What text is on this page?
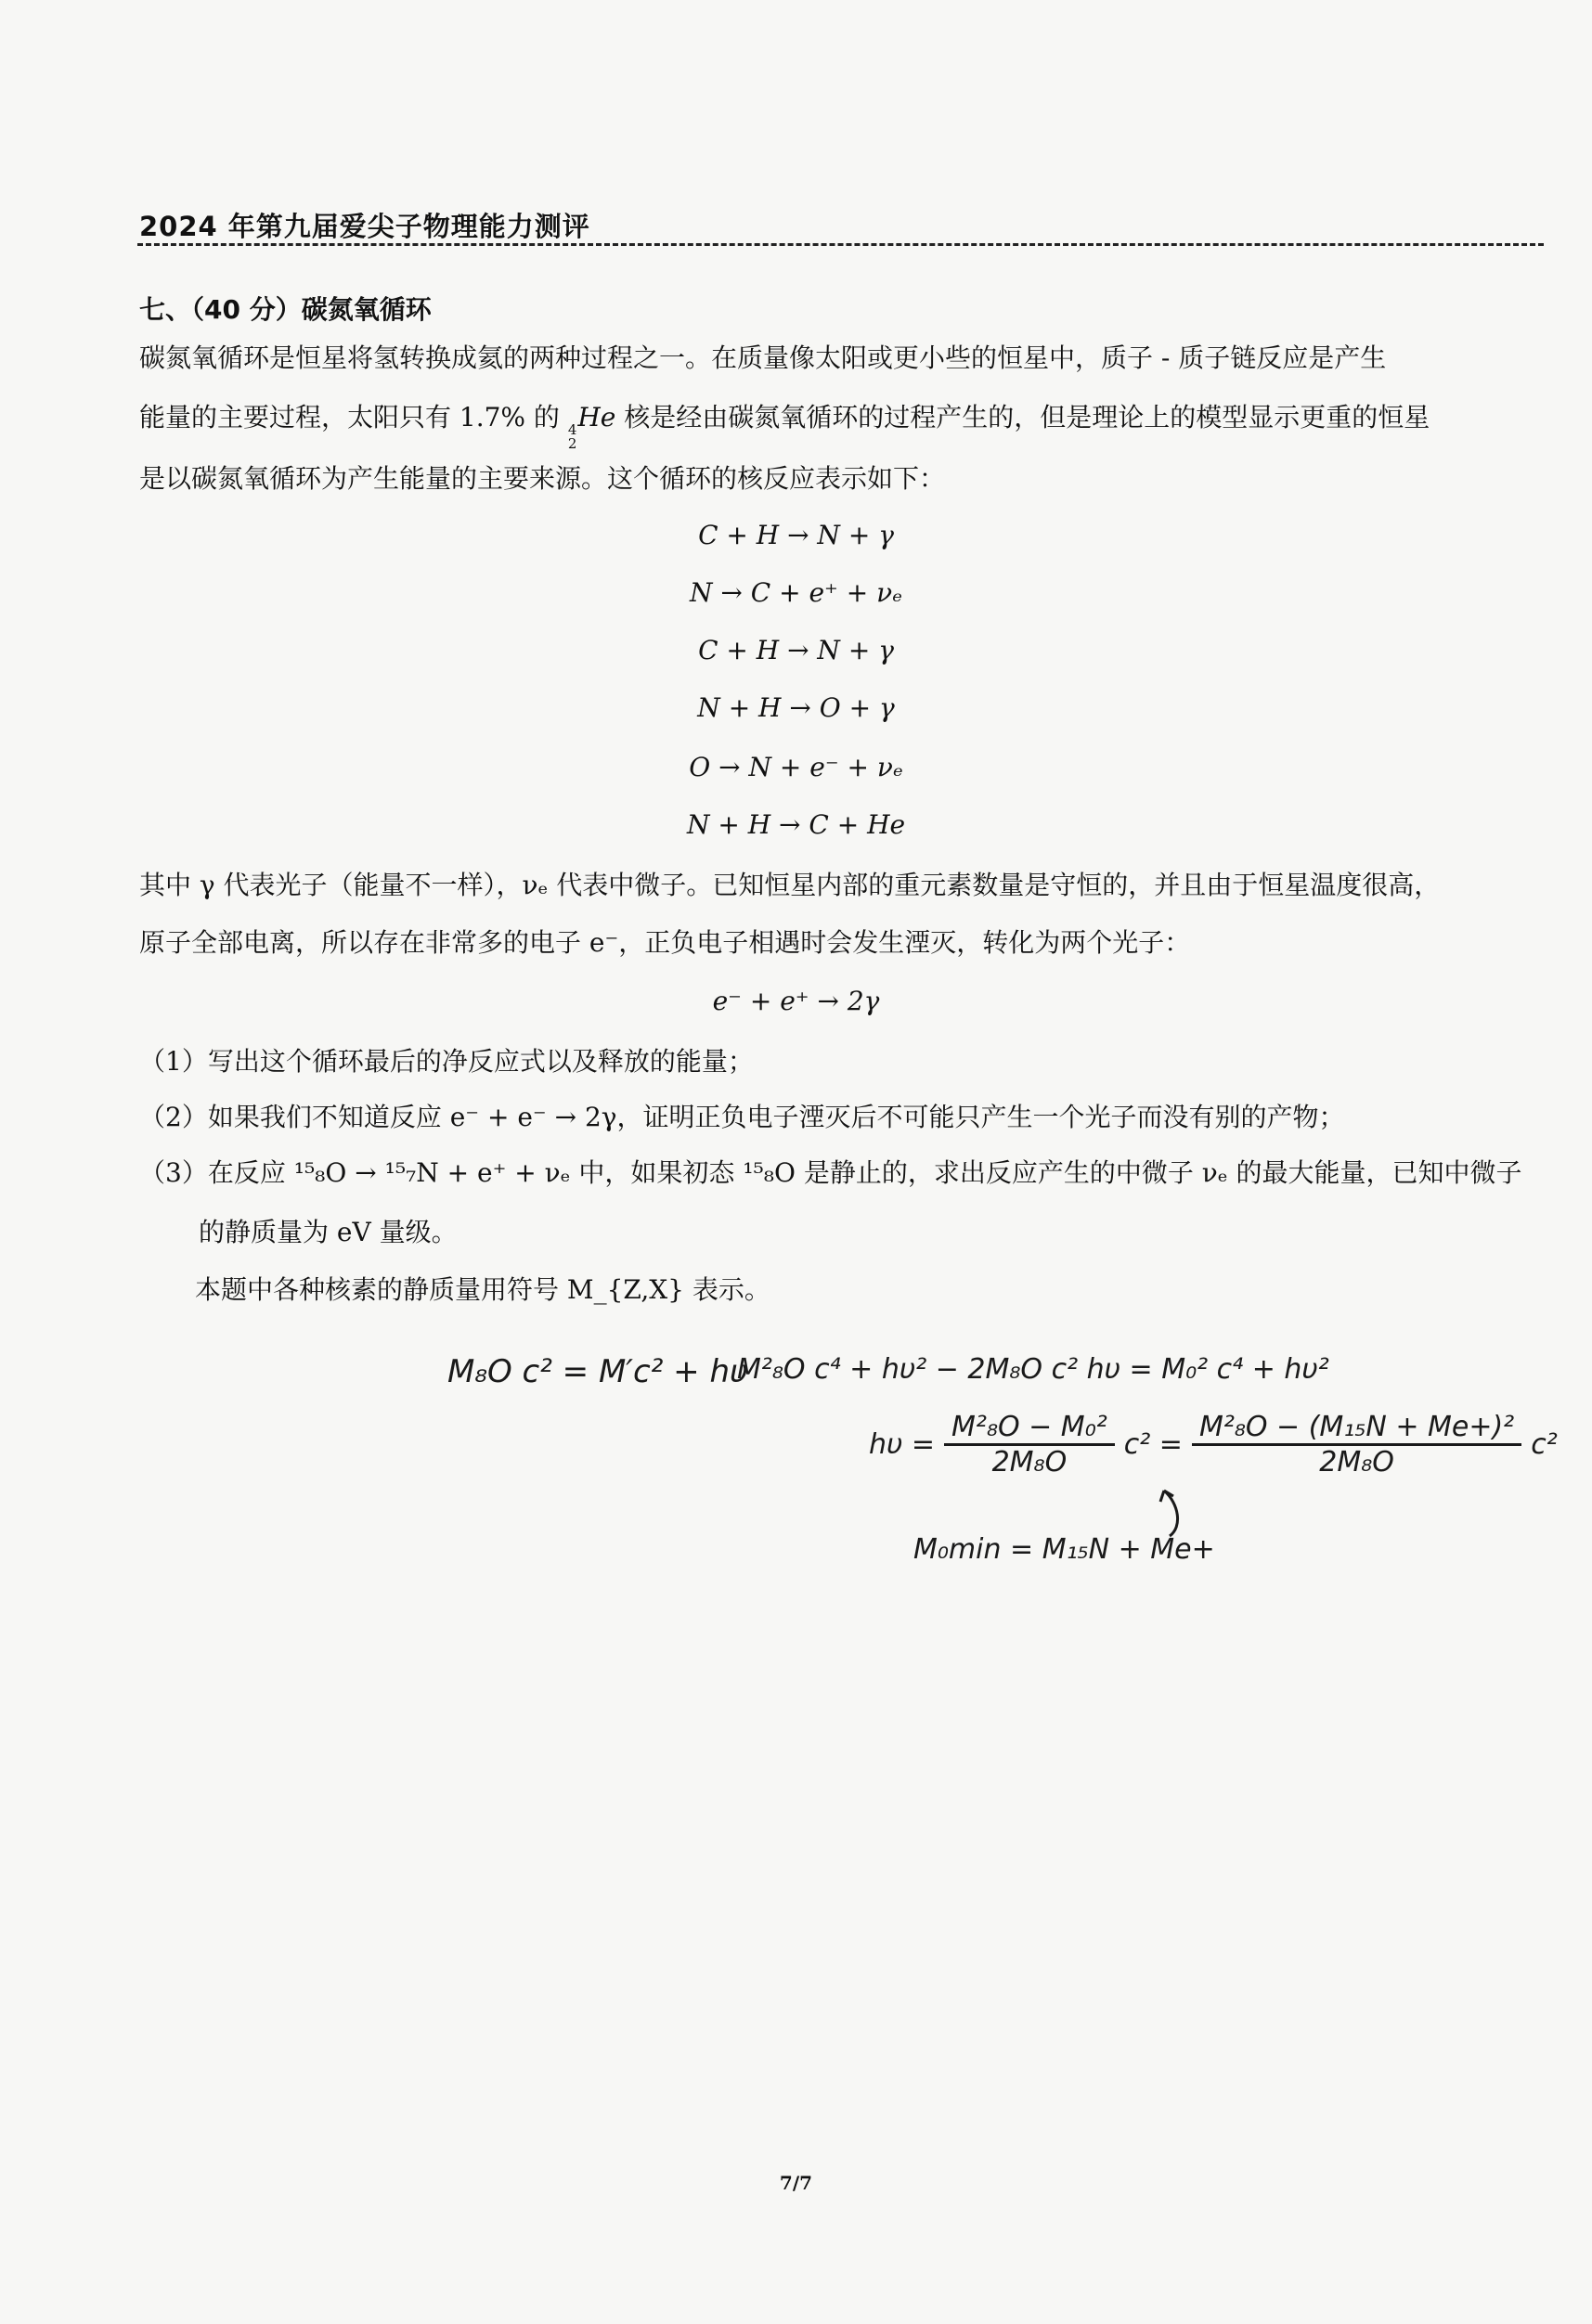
2024 年第九届爱尖子物理能力测评
七、（40 分）碳氮氧循环
碳氮氧循环是恒星将氢转换成氦的两种过程之一。在质量像太阳或更小些的恒星中，质子 - 质子链反应是产生
能量的主要过程，太阳只有 1.7% 的 4
2
He 核是经由碳氮氧循环的过程产生的，但是理论上的模型显示更重的恒星
是以碳氮氧循环为产生能量的主要来源。这个循环的核反应表示如下：
C + H → N + γ
N → C + e⁺ + νₑ
C + H → N + γ
N + H → O + γ
O → N + e⁻ + νₑ
N + H → C + He
其中 γ 代表光子（能量不一样），νₑ 代表中微子。已知恒星内部的重元素数量是守恒的，并且由于恒星温度很高，
原子全部电离，所以存在非常多的电子 e⁻，正负电子相遇时会发生湮灭，转化为两个光子：
e⁻ + e⁺ → 2γ
（1）写出这个循环最后的净反应式以及释放的能量；
（2）如果我们不知道反应 e⁻ + e⁻ → 2γ，证明正负电子湮灭后不可能只产生一个光子而没有别的产物；
（3）在反应 ¹⁵₈O → ¹⁵₇N + e⁺ + νₑ 中，如果初态 ¹⁵₈O 是静止的，求出反应产生的中微子 νₑ 的最大能量，已知中微子
的静质量为 eV 量级。
本题中各种核素的静质量用符号 M_{Z,X} 表示。
M₈O c² = M′c² + hυ
M²₈O c⁴ + hυ² − 2M₈O c² hυ = M₀² c⁴ + hυ²
$h\upsilon = \frac{\text{M²₈O − M₀²}}{\text{2M₈O}} c^2 = \frac{\text{M²₈O − (M₁₅N + Me+)²}}{\text{2M₈O}} c^2$
M₀min = M₁₅N + Me+
7/7
